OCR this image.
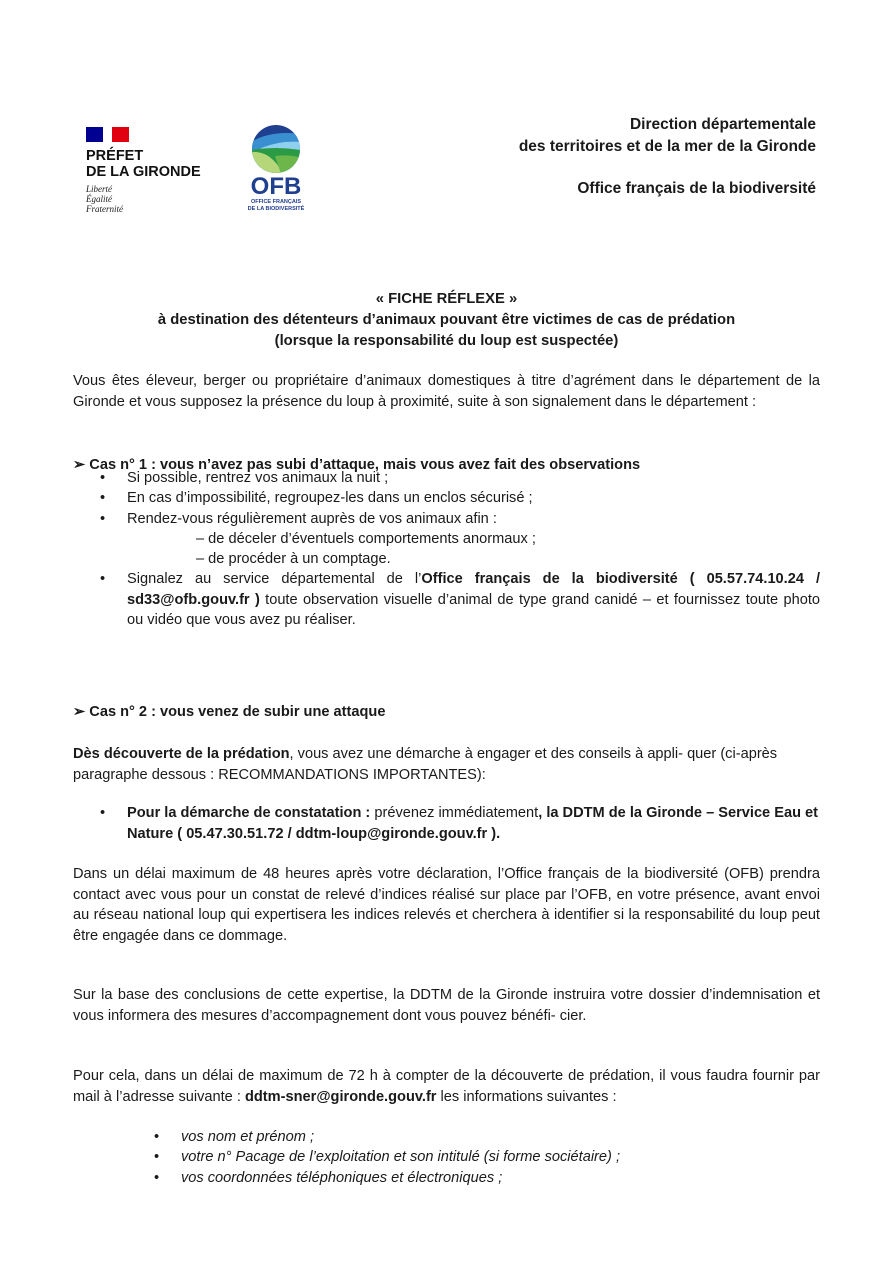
PRÉFET
DE LA GIRONDE
Liberté
Égalité
Fraternité
OFB
OFFICE FRANÇAIS
DE LA BIODIVERSITÉ
Direction départementale
des territoires et de la mer de la Gironde
Office français de la biodiversité
« FICHE RÉFLEXE »
à destination des détenteurs d’animaux pouvant être victimes de cas de prédation
(lorsque la responsabilité du loup est suspectée)

Vous êtes éleveur, berger ou propriétaire d’animaux domestiques à titre d’agrément dans le département de la Gironde et vous supposez la présence du loup à proximité, suite à son signalement dans le département :

➢ Cas n° 1 : vous n’avez pas subi d’attaque, mais vous avez fait des observations

• Si possible, rentrez vos animaux la nuit ;
• En cas d’impossibilité, regroupez-les dans un enclos sécurisé ;
• Rendez-vous régulièrement auprès de vos animaux afin :
– de déceler d’éventuels comportements anormaux ;
– de procéder à un comptage.
• Signalez au service départemental de l’Office français de la biodiversité ( 05.57.74.10.24 / sd33@ofb.gouv.fr ) toute observation visuelle d’animal de type grand canidé – et fournissez toute photo ou vidéo que vous avez pu réaliser.

➢ Cas n° 2 : vous venez de subir une attaque

Dès découverte de la prédation, vous avez une démarche à engager et des conseils à appli- quer (ci-après paragraphe dessous : RECOMMANDATIONS IMPORTANTES):

• Pour la démarche de constatation : prévenez immédiatement, la DDTM de la Gironde – Service Eau et Nature ( 05.47.30.51.72 / ddtm-loup@gironde.gouv.fr ).

Dans un délai maximum de 48 heures après votre déclaration, l’Office français de la biodiversité (OFB) prendra contact avec vous pour un constat de relevé d’indices réalisé sur place par l’OFB, en votre présence, avant envoi au réseau national loup qui expertisera les indices relevés et cherchera à identifier si la responsabilité du loup peut être engagée dans ce dommage.

Sur la base des conclusions de cette expertise, la DDTM de la Gironde instruira votre dossier d’indemnisation et vous informera des mesures d’accompagnement dont vous pouvez bénéfi- cier.

Pour cela, dans un délai de maximum de 72 h à compter de la découverte de prédation, il vous faudra fournir par mail à l’adresse suivante : ddtm-sner@gironde.gouv.fr les informations suivantes :

• vos nom et prénom ;
• votre n° Pacage de l’exploitation et son intitulé (si forme sociétaire) ;
• vos coordonnées téléphoniques et électroniques ;
